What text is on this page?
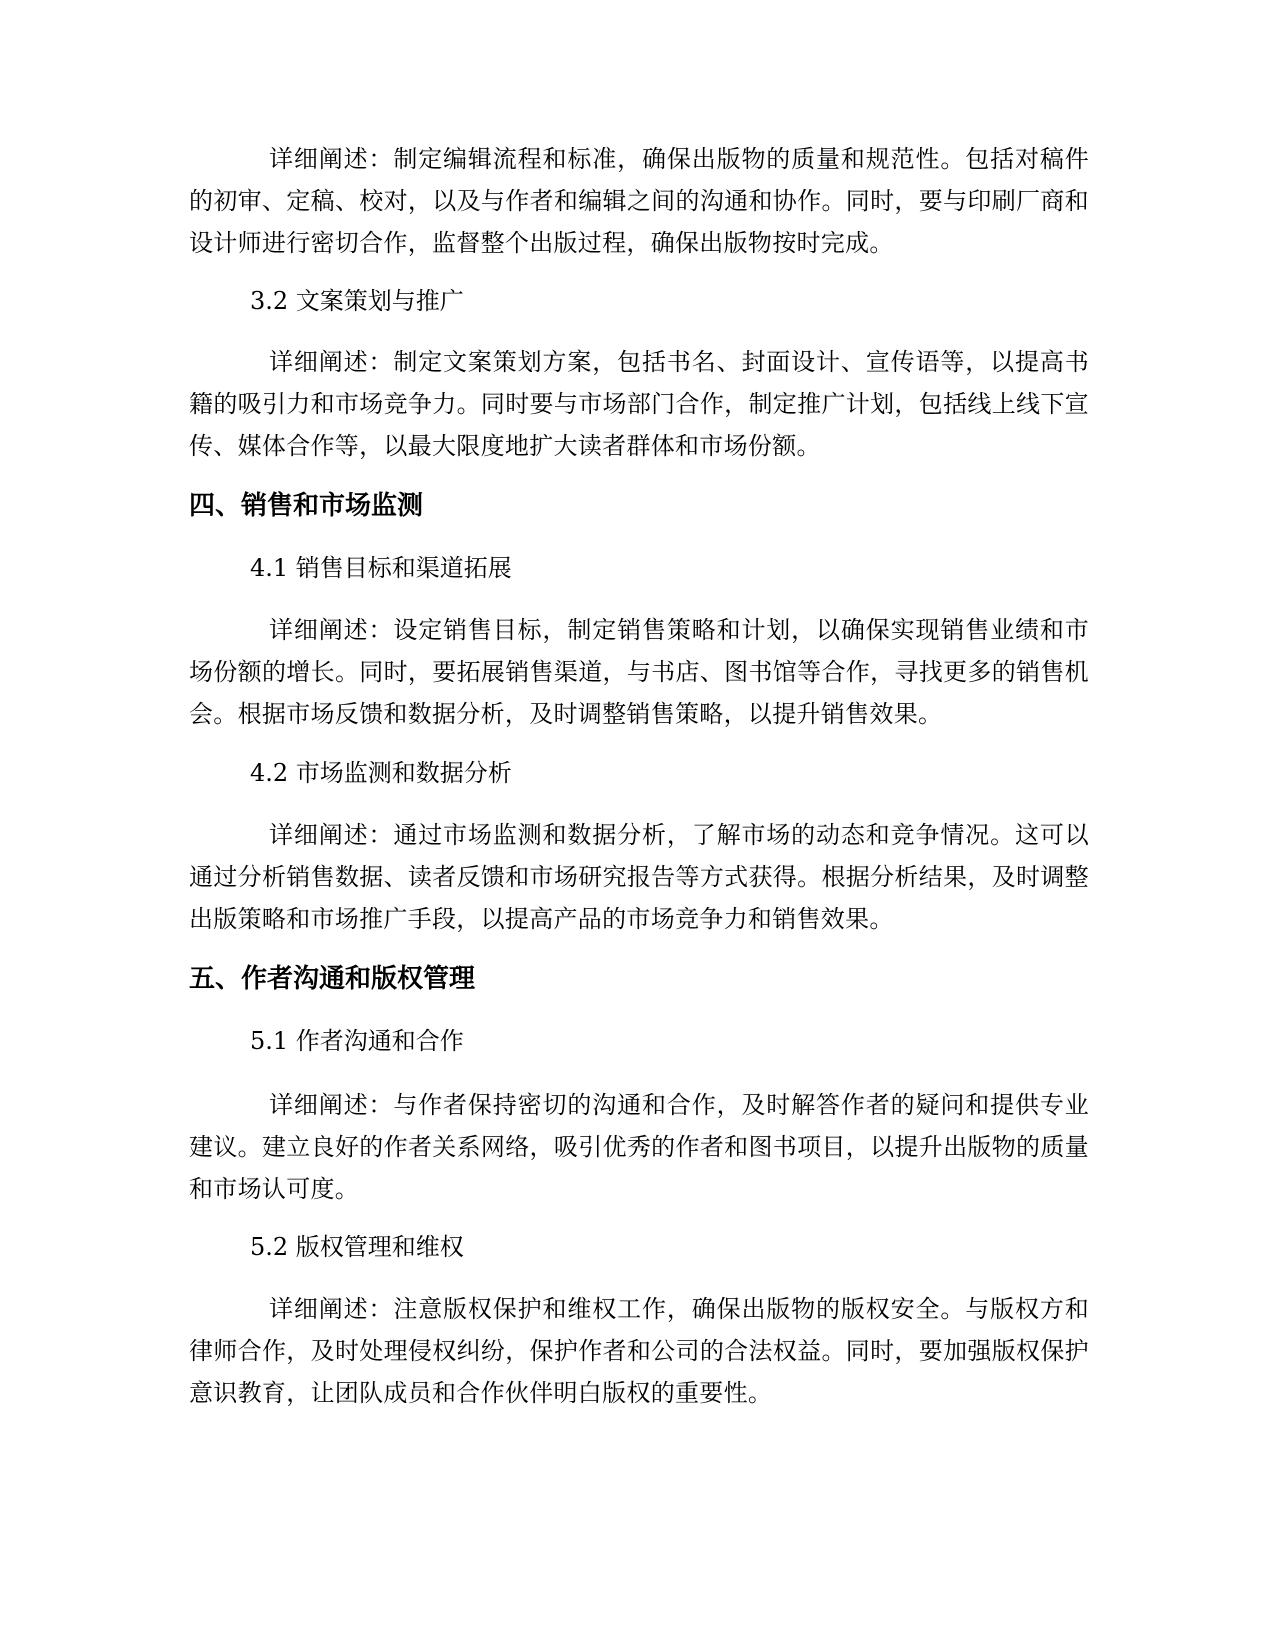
详细阐述：制定编辑流程和标准，确保出版物的质量和规范性。包括对稿件的初审、定稿、校对，以及与作者和编辑之间的沟通和协作。同时，要与印刷厂商和设计师进行密切合作，监督整个出版过程，确保出版物按时完成。

3.2 文案策划与推广

详细阐述：制定文案策划方案，包括书名、封面设计、宣传语等，以提高书籍的吸引力和市场竞争力。同时要与市场部门合作，制定推广计划，包括线上线下宣传、媒体合作等，以最大限度地扩大读者群体和市场份额。

四、销售和市场监测

4.1 销售目标和渠道拓展

详细阐述：设定销售目标，制定销售策略和计划，以确保实现销售业绩和市场份额的增长。同时，要拓展销售渠道，与书店、图书馆等合作，寻找更多的销售机会。根据市场反馈和数据分析，及时调整销售策略，以提升销售效果。

4.2 市场监测和数据分析

详细阐述：通过市场监测和数据分析，了解市场的动态和竞争情况。这可以通过分析销售数据、读者反馈和市场研究报告等方式获得。根据分析结果，及时调整出版策略和市场推广手段，以提高产品的市场竞争力和销售效果。

五、作者沟通和版权管理

5.1 作者沟通和合作

详细阐述：与作者保持密切的沟通和合作，及时解答作者的疑问和提供专业建议。建立良好的作者关系网络，吸引优秀的作者和图书项目，以提升出版物的质量和市场认可度。

5.2 版权管理和维权

详细阐述：注意版权保护和维权工作，确保出版物的版权安全。与版权方和律师合作，及时处理侵权纠纷，保护作者和公司的合法权益。同时，要加强版权保护意识教育，让团队成员和合作伙伴明白版权的重要性。
